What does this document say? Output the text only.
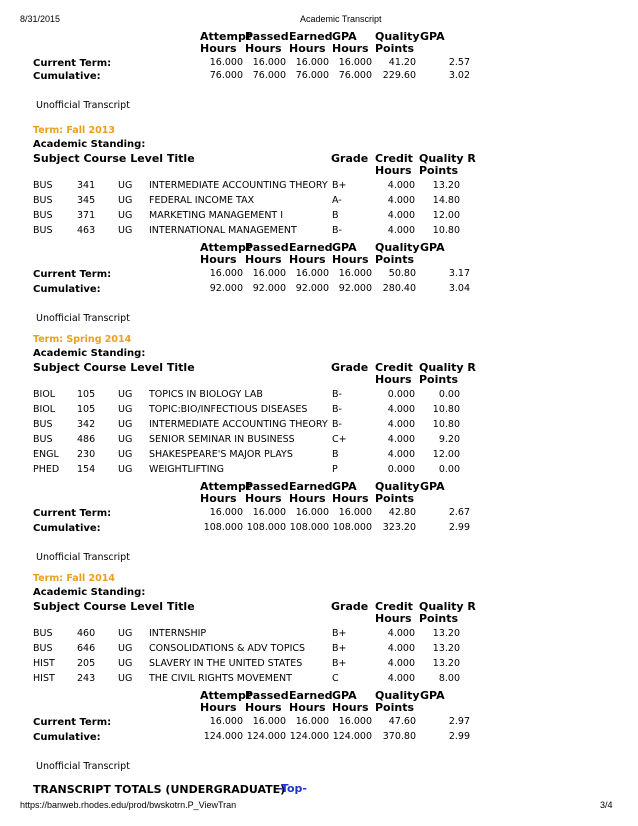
8/31/2015	Academic Transcript
Attempt
Hours
Passed
Hours
Earned
Hours
GPA
Hours
Quality
Points
GPA
Current Term:	16.000 16.000 16.000 16.000 41.20	2.57
Cumulative:	76.000 76.000 76.000 76.000 229.60	3.02
Unofficial Transcript
Term: Fall 2013
Academic Standing:
Subject Course Level Title	Grade Credit
Hours
Quality R
Points
BUS	341 UG INTERMEDIATE ACCOUNTING THEORY B+	4.000 13.20
BUS	345 UG FEDERAL INCOME TAX	A-	4.000 14.80
BUS	371 UG MARKETING MANAGEMENT I	B	4.000 12.00
BUS	463 UG INTERNATIONAL MANAGEMENT	B-	4.000 10.80
Attempt
Hours
Passed
Hours
Earned
Hours
GPA
Hours
Quality
Points
GPA
Current Term:	16.000 16.000 16.000 16.000 50.80	3.17
Cumulative:	92.000 92.000 92.000 92.000 280.40	3.04
Unofficial Transcript
Term: Spring 2014
Academic Standing:
Subject Course Level Title	Grade Credit
Hours
Quality R
Points
BIOL 105 UG TOPICS IN BIOLOGY LAB	B-	0.000	0.00
BIOL 105 UG TOPIC:BIO/INFECTIOUS DISEASES	B-	4.000 10.80
BUS	342 UG INTERMEDIATE ACCOUNTING THEORY B-	4.000 10.80
BUS	486 UG SENIOR SEMINAR IN BUSINESS	C+	4.000	9.20
ENGL 230 UG SHAKESPEARE'S MAJOR PLAYS	B	4.000 12.00
PHED 154 UG WEIGHTLIFTING	P	0.000	0.00
Attempt
Hours
Passed
Hours
Earned
Hours
GPA
Hours
Quality
Points
GPA
Current Term:	16.000 16.000 16.000 16.000 42.80	2.67
Cumulative:	108.000 108.000 108.000 108.000 323.20	2.99
Unofficial Transcript
Term: Fall 2014
Academic Standing:
Subject Course Level Title	Grade Credit
Hours
Quality R
Points
BUS	460 UG INTERNSHIP	B+	4.000 13.20
BUS	646 UG CONSOLIDATIONS & ADV TOPICS	B+	4.000 13.20
HIST 205 UG SLAVERY IN THE UNITED STATES	B+	4.000 13.20
HIST 243 UG THE CIVIL RIGHTS MOVEMENT	C	4.000	8.00
Attempt
Hours
Passed
Hours
Earned
Hours
GPA
Hours
Quality
Points
GPA
Current Term:	16.000 16.000 16.000 16.000 47.60	2.97
Cumulative:	124.000 124.000 124.000 124.000 370.80	2.99
Unofficial Transcript
TRANSCRIPT TOTALS (UNDERGRADUATE)
-Top-
https://banweb.rhodes.edu/prod/bwskotrn.P_ViewTran	3/4
